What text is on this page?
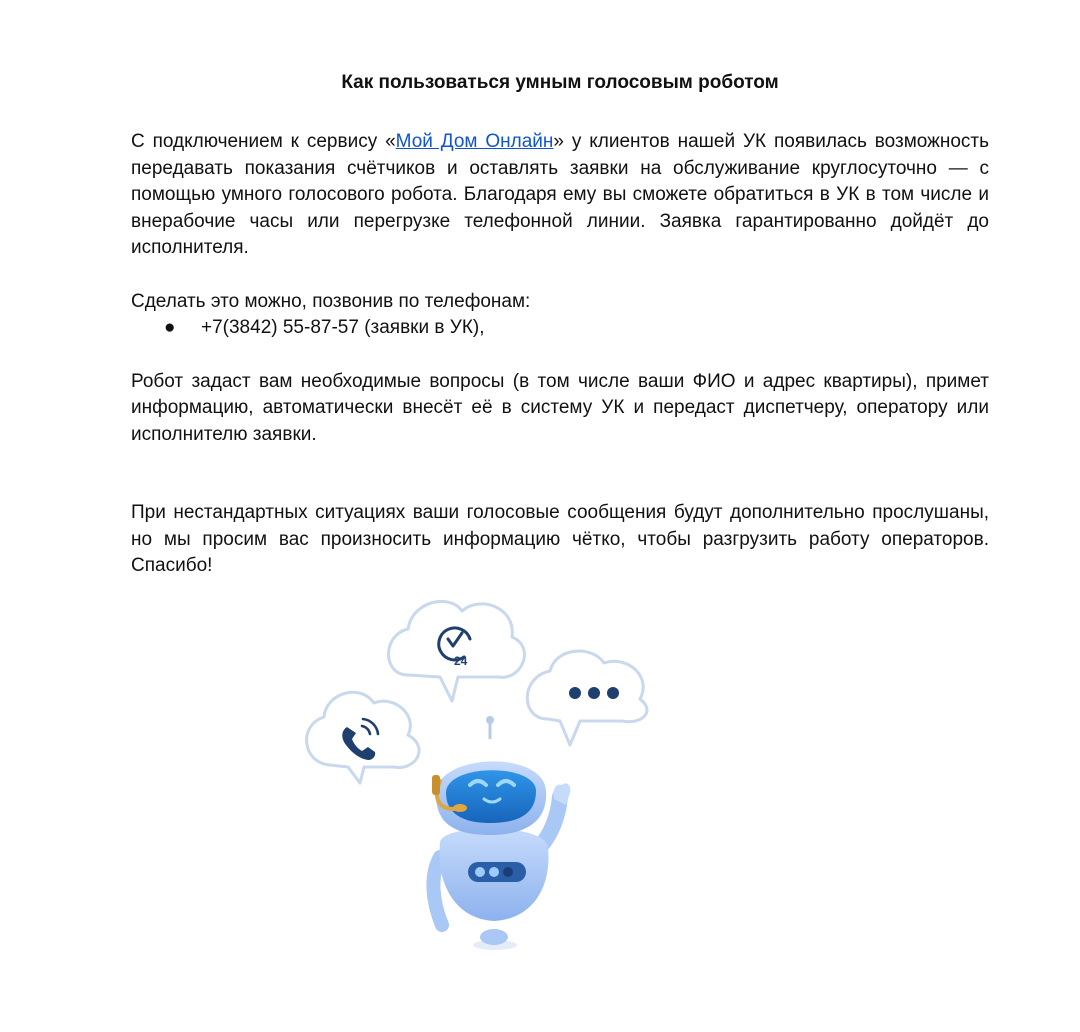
Как пользоваться умным голосовым роботом

С подключением к сервису «Мой Дом Онлайн» у клиентов нашей УК появилась возможность передавать показания счётчиков и оставлять заявки на обслуживание круглосуточно — с помощью умного голосового робота. Благодаря ему вы сможете обратиться в УК в том числе и внерабочие часы или перегрузке телефонной линии. Заявка гарантированно дойдёт до исполнителя.

Сделать это можно, позвонив по телефонам:

● +7(3842) 55-87-57 (заявки в УК),

Робот задаст вам необходимые вопросы (в том числе ваши ФИО и адрес квартиры), примет информацию, автоматически внесёт её в систему УК и передаст диспетчеру, оператору или исполнителю заявки.

При нестандартных ситуациях ваши голосовые сообщения будут дополнительно прослушаны, но мы просим вас произносить информацию чётко, чтобы разгрузить работу операторов. Спасибо!

24
